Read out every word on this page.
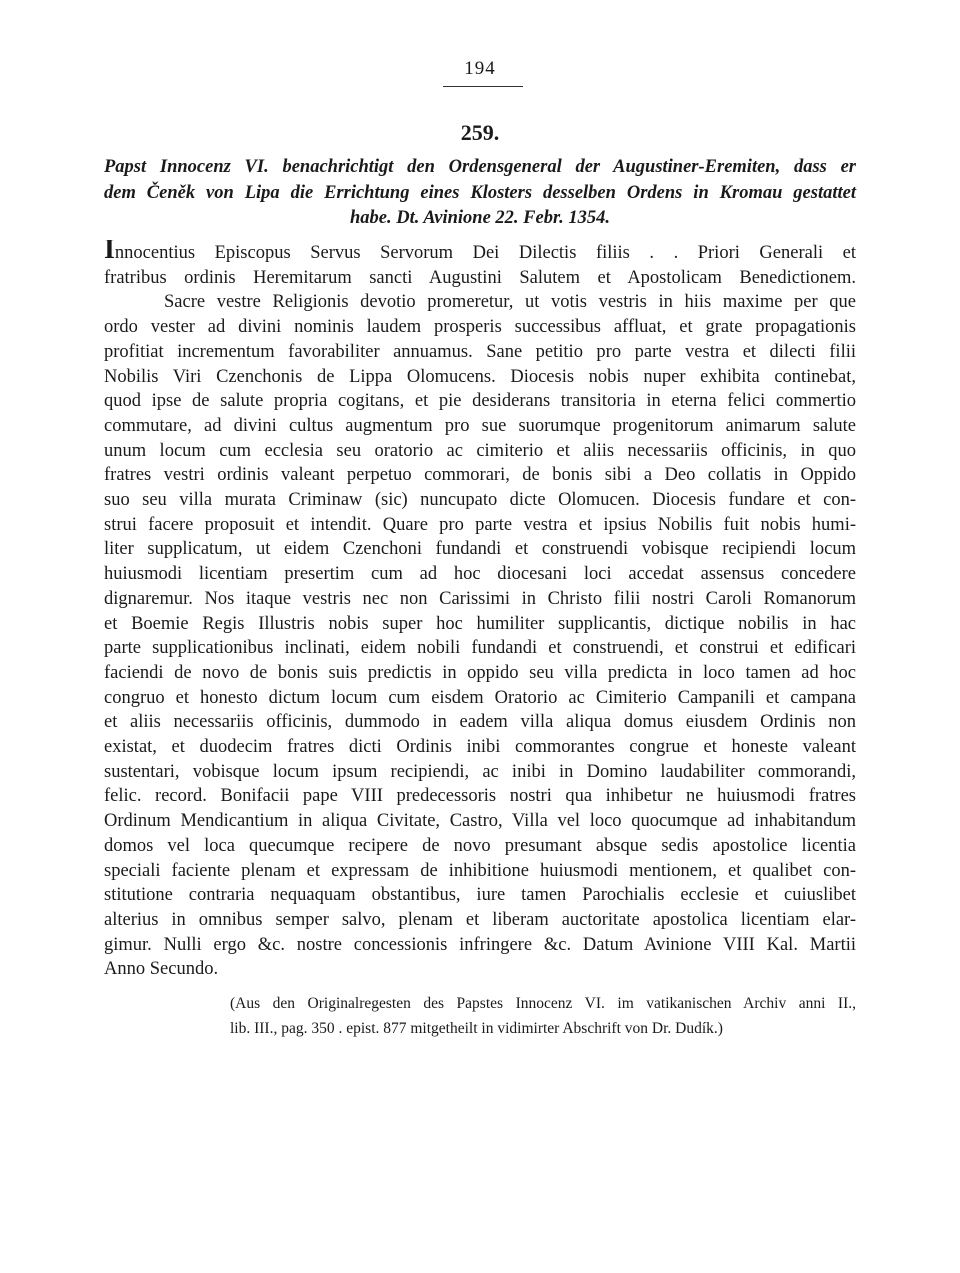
194
259.
Papst Innocenz VI. benachrichtigt den Ordensgeneral der Augustiner-Eremiten, dass er
dem Čeněk von Lipa die Errichtung eines Klosters desselben Ordens in Kromau gestattet
habe. Dt. Avinione 22. Febr. 1354.
Innocentius Episcopus Servus Servorum Dei Dilectis filiis . . Priori Generali et
fratribus ordinis Heremitarum sancti Augustini Salutem et Apostolicam Benedictionem.
Sacre vestre Religionis devotio promeretur, ut votis vestris in hiis maxime per que
ordo vester ad divini nominis laudem prosperis successibus affluat, et grate propagationis
profitiat incrementum favorabiliter annuamus. Sane petitio pro parte vestra et dilecti filii
Nobilis Viri Czenchonis de Lippa Olomucens. Diocesis nobis nuper exhibita continebat,
quod ipse de salute propria cogitans, et pie desiderans transitoria in eterna felici commertio
commutare, ad divini cultus augmentum pro sue suorumque progenitorum animarum salute
unum locum cum ecclesia seu oratorio ac cimiterio et aliis necessariis officinis, in quo
fratres vestri ordinis valeant perpetuo commorari, de bonis sibi a Deo collatis in Oppido
suo seu villa murata Criminaw (sic) nuncupato dicte Olomucen. Diocesis fundare et con-
strui facere proposuit et intendit. Quare pro parte vestra et ipsius Nobilis fuit nobis humi-
liter supplicatum, ut eidem Czenchoni fundandi et construendi vobisque recipiendi locum
huiusmodi licentiam presertim cum ad hoc diocesani loci accedat assensus concedere
dignaremur. Nos itaque vestris nec non Carissimi in Christo filii nostri Caroli Romanorum
et Boemie Regis Illustris nobis super hoc humiliter supplicantis, dictique nobilis in hac
parte supplicationibus inclinati, eidem nobili fundandi et construendi, et construi et edificari
faciendi de novo de bonis suis predictis in oppido seu villa predicta in loco tamen ad hoc
congruo et honesto dictum locum cum eisdem Oratorio ac Cimiterio Campanili et campana
et aliis necessariis officinis, dummodo in eadem villa aliqua domus eiusdem Ordinis non
existat, et duodecim fratres dicti Ordinis inibi commorantes congrue et honeste valeant
sustentari, vobisque locum ipsum recipiendi, ac inibi in Domino laudabiliter commorandi,
felic. record. Bonifacii pape VIII predecessoris nostri qua inhibetur ne huiusmodi fratres
Ordinum Mendicantium in aliqua Civitate, Castro, Villa vel loco quocumque ad inhabitandum
domos vel loca quecumque recipere de novo presumant absque sedis apostolice licentia
speciali faciente plenam et expressam de inhibitione huiusmodi mentionem, et qualibet con-
stitutione contraria nequaquam obstantibus, iure tamen Parochialis ecclesie et cuiuslibet
alterius in omnibus semper salvo, plenam et liberam auctoritate apostolica licentiam elar-
gimur. Nulli ergo &c. nostre concessionis infringere &c. Datum Avinione VIII Kal. Martii
Anno Secundo.
(Aus den Originalregesten des Papstes Innocenz VI. im vatikanischen Archiv anni II.,
lib. III., pag. 350 . epist. 877 mitgetheilt in vidimirter Abschrift von Dr. Dudík.)
